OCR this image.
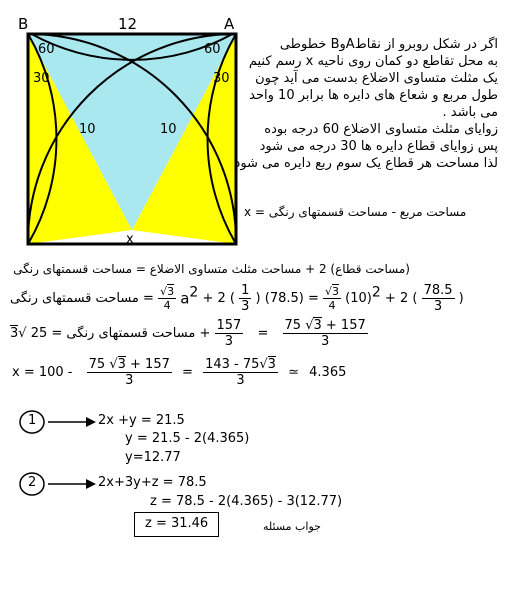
B	A
12
x
60	60
30	30
10	10
اگر در شکل روبرو از نقاطAوB خطوطی
به محل تقاطع دو کمان روی ناحیه x رسم کنیم
یک مثلث متساوی الاضلاع بدست می آید چون
طول مربع و شعاع های دایره ها برابر 10 واحد
می باشد .
زوایای مثلث متساوی الاضلاع 60 درجه بوده
پس زوایای قطاع دایره ها 30 درجه می شود
لذا مساحت هر قطاع یک سوم ربع دایره می شود
x = مساحت مربع - مساحت قسمتهای رنگی
(مساحت قطاع) 2 + مساحت مثلث متساوی الاضلاع = مساحت قسمتهای رنگی
مساحت قسمتهای رنگی = $\frac{√3}{4} a2 + 2$ ( $\frac{1}{3}$ ) $(78.5) = \frac{√3}{4} (10)2 + 2$ ( $\frac{78.5}{3}$ )
مساحت قسمتهای رنگی = 25 √3	+ $\frac{157}{3} = \frac{75 √3 + 157}{3}$
$x = 100 - \frac{75 √3 + 157}{3} = \frac{143 - 75√3}{3}$ ≃ 4.365
1	2x +y = 21.5
y = 21.5 - 2(4.365)
y=12.77
2	2x+3y+z = 78.5
z = 78.5 - 2(4.365) - 3(12.77)
z = 31.46	جواب مسئله
